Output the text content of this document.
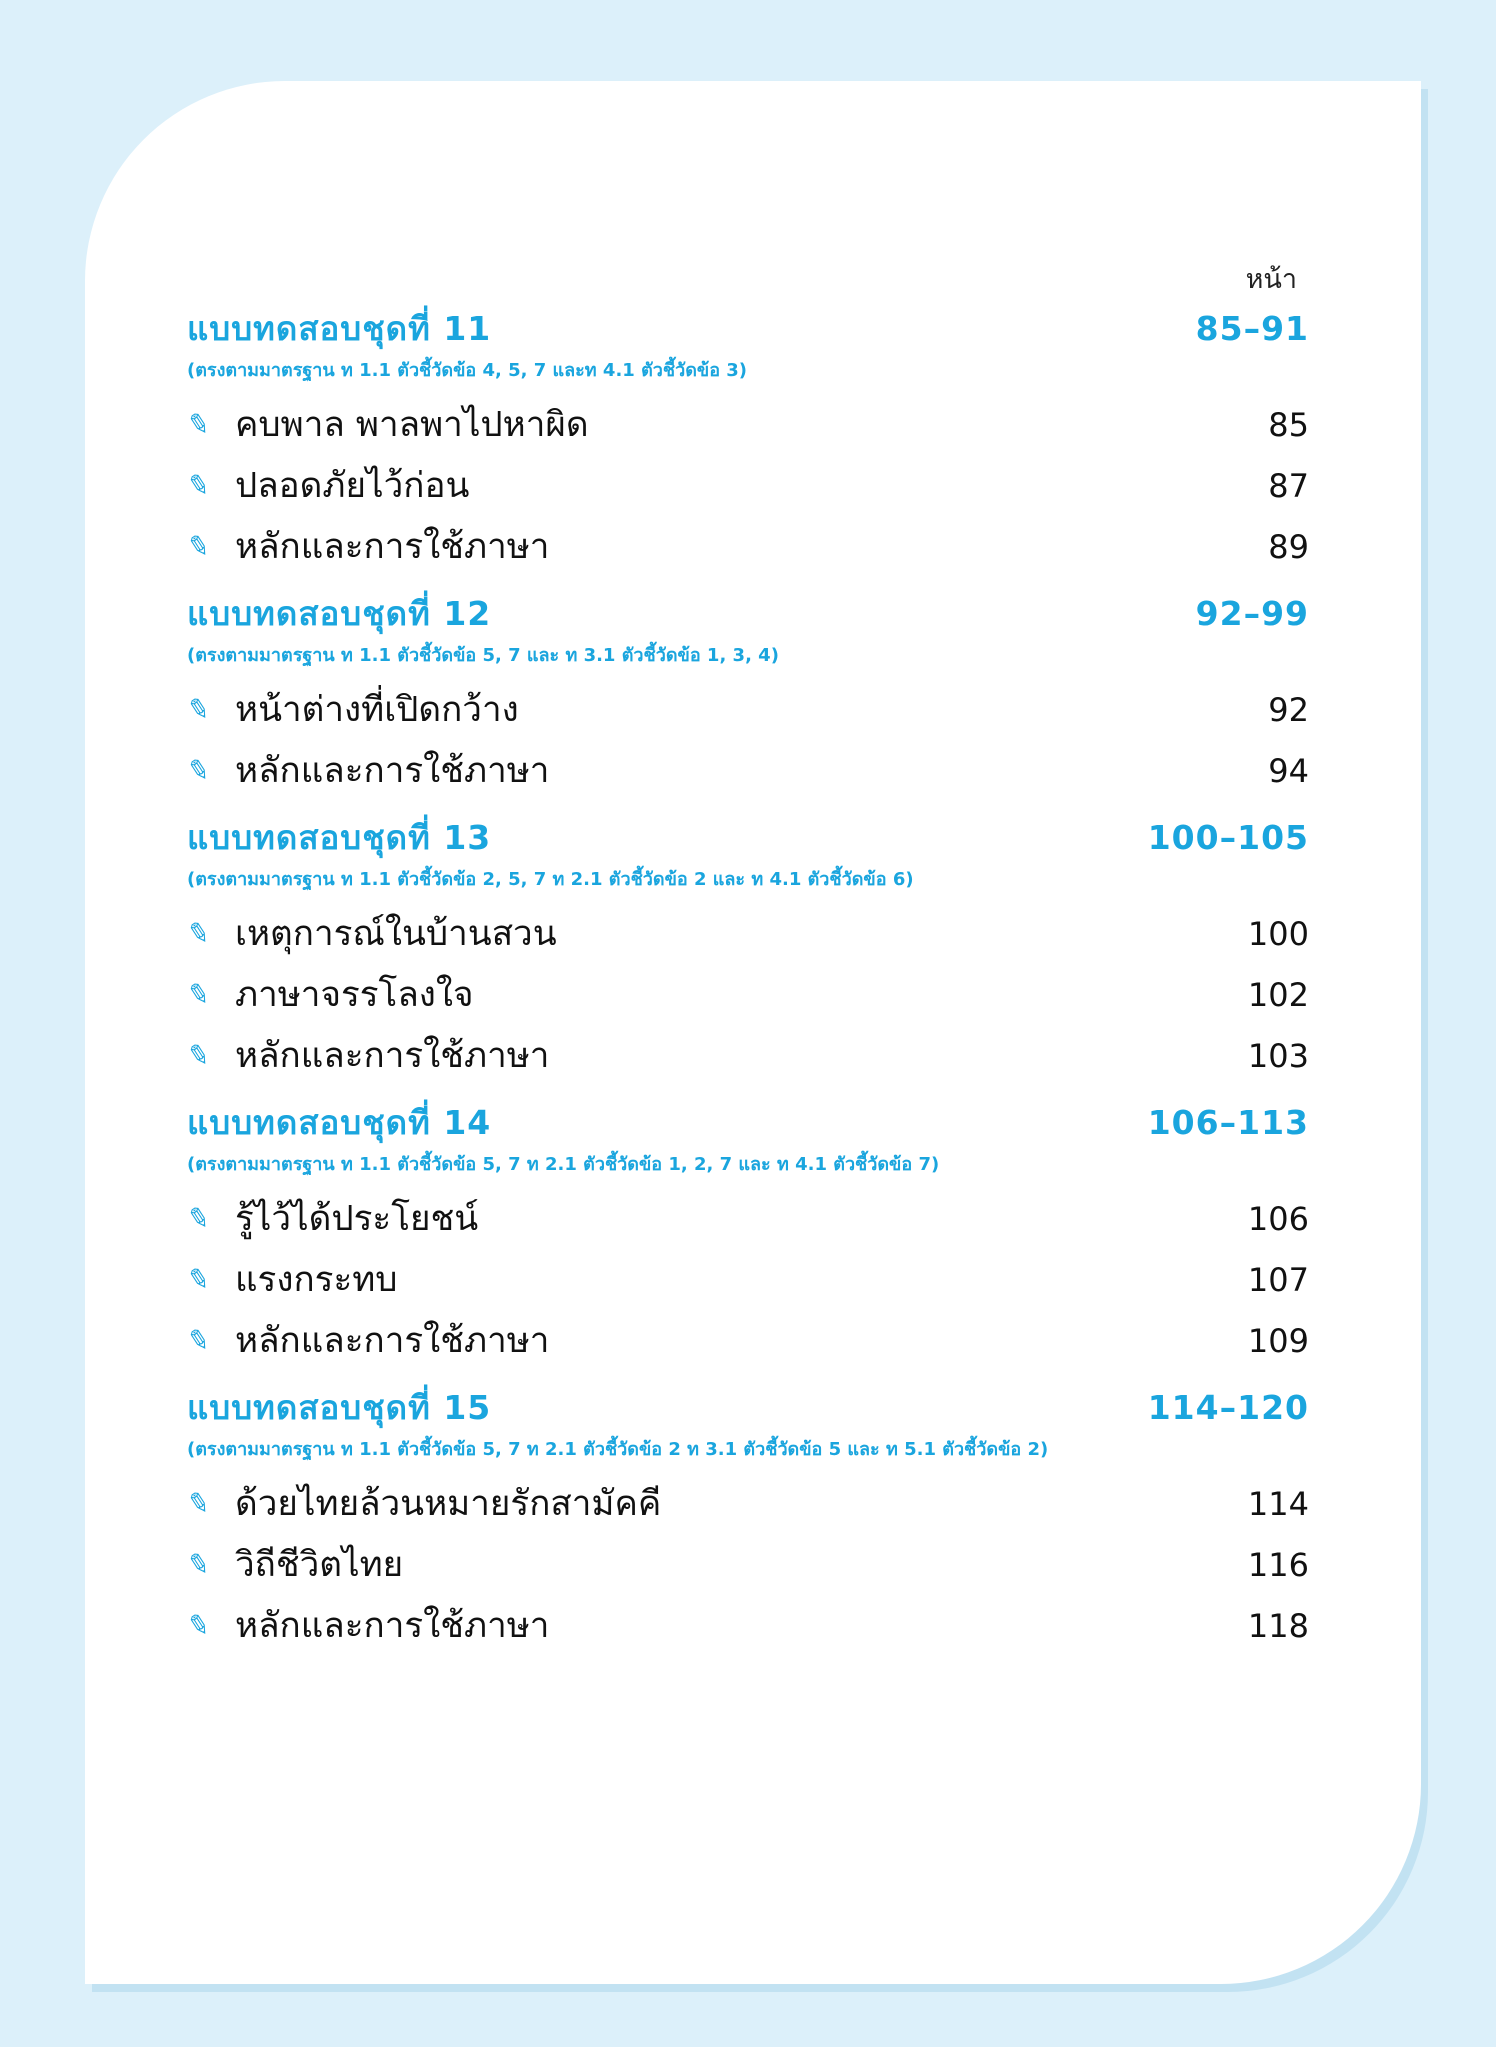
หน้า
แบบทดสอบชุดที่ 11	85–91
(ตรงตามมาตรฐาน ท 1.1 ตัวชี้วัดข้อ 4, 5, 7 และท 4.1 ตัวชี้วัดข้อ 3)
✎ คบพาล พาลพาไปหาผิด	85
✎ ปลอดภัยไว้ก่อน	87
✎ หลักและการใช้ภาษา	89
แบบทดสอบชุดที่ 12	92–99
(ตรงตามมาตรฐาน ท 1.1 ตัวชี้วัดข้อ 5, 7 และ ท 3.1 ตัวชี้วัดข้อ 1, 3, 4)
✎ หน้าต่างที่เปิดกว้าง	92
✎ หลักและการใช้ภาษา	94
แบบทดสอบชุดที่ 13	100–105
(ตรงตามมาตรฐาน ท 1.1 ตัวชี้วัดข้อ 2, 5, 7 ท 2.1 ตัวชี้วัดข้อ 2 และ ท 4.1 ตัวชี้วัดข้อ 6)
✎ เหตุการณ์ในบ้านสวน	100
✎ ภาษาจรรโลงใจ	102
✎ หลักและการใช้ภาษา	103
แบบทดสอบชุดที่ 14	106–113
(ตรงตามมาตรฐาน ท 1.1 ตัวชี้วัดข้อ 5, 7 ท 2.1 ตัวชี้วัดข้อ 1, 2, 7 และ ท 4.1 ตัวชี้วัดข้อ 7)
✎ รู้ไว้ได้ประโยชน์	106
✎ แรงกระทบ	107
✎ หลักและการใช้ภาษา	109
แบบทดสอบชุดที่ 15	114–120
(ตรงตามมาตรฐาน ท 1.1 ตัวชี้วัดข้อ 5, 7 ท 2.1 ตัวชี้วัดข้อ 2 ท 3.1 ตัวชี้วัดข้อ 5 และ ท 5.1 ตัวชี้วัดข้อ 2)
✎ ด้วยไทยล้วนหมายรักสามัคคี	114
✎ วิถีชีวิตไทย	116
✎ หลักและการใช้ภาษา	118
